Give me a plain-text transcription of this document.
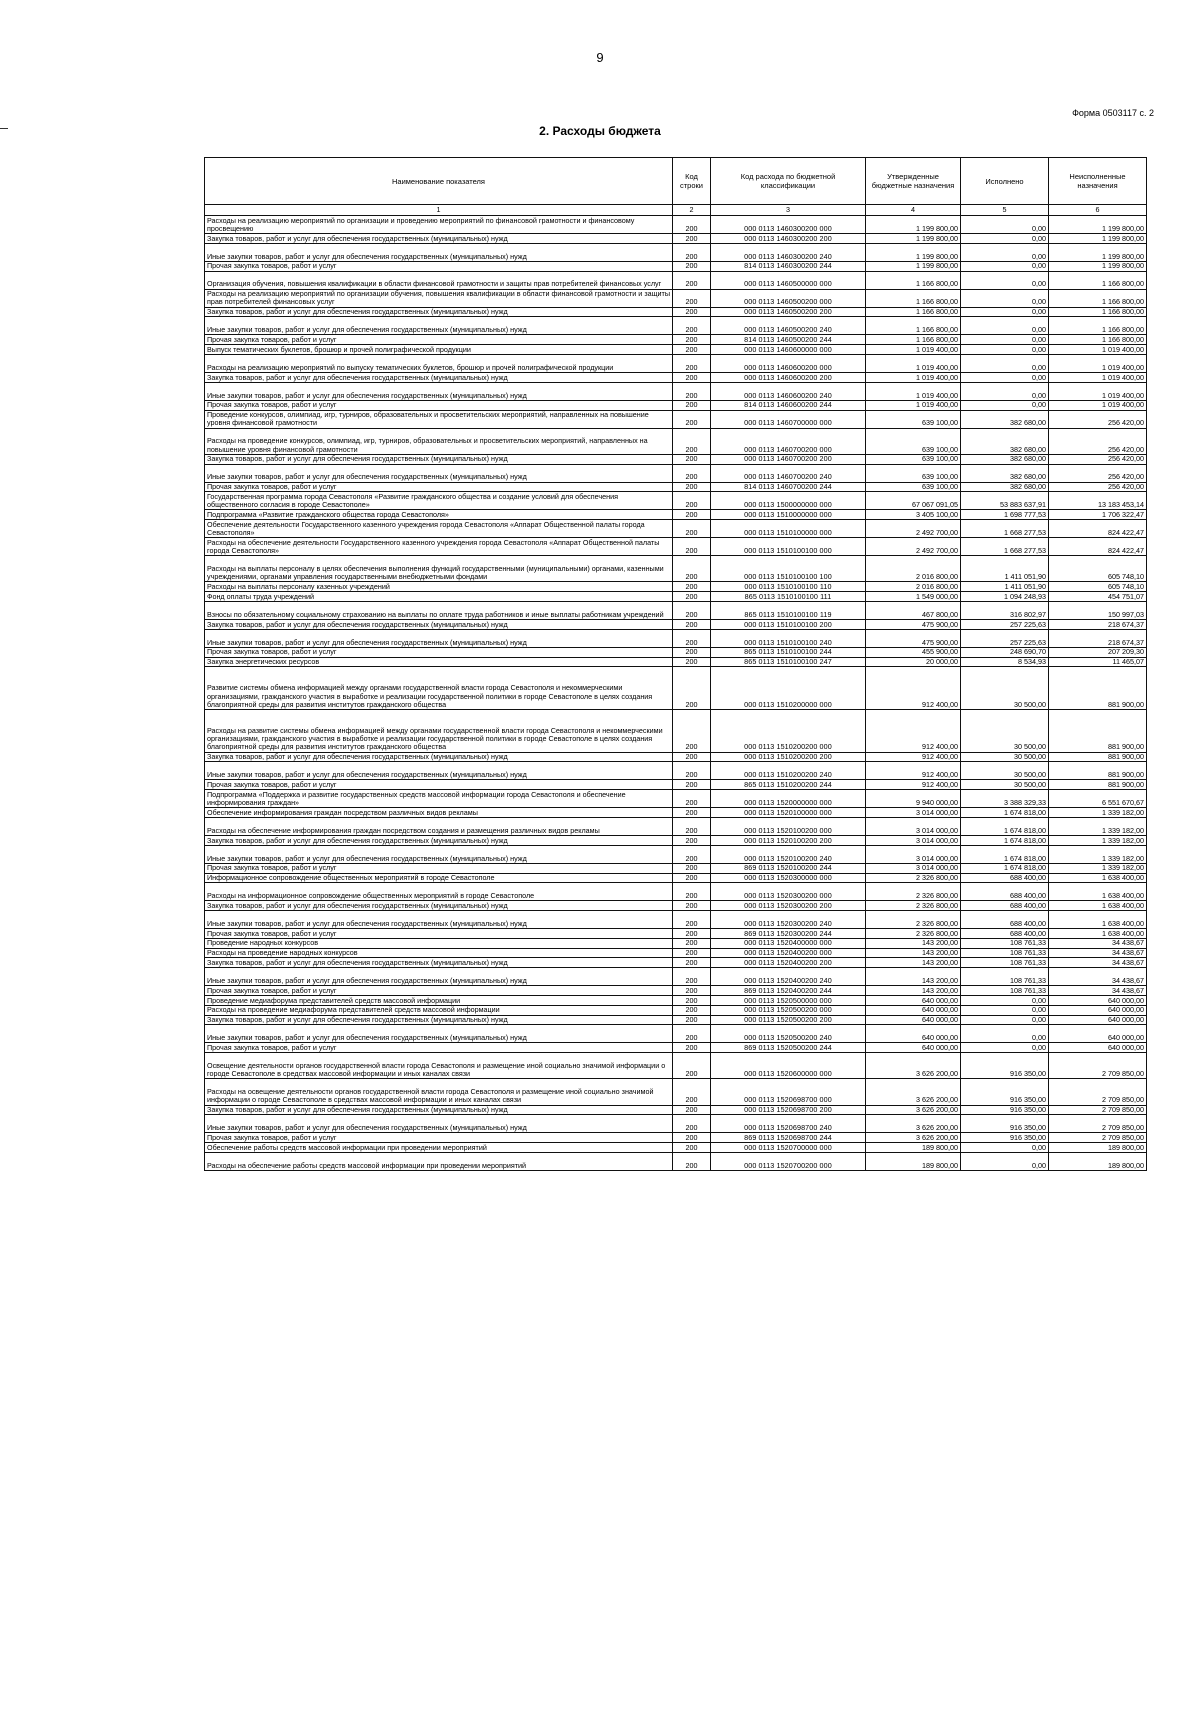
9
Форма 0503117 с. 2
2. Расходы бюджета
Наименование показателя	Код строки	Код расхода по бюджетной классификации	Утвержденные бюджетные назначения	Исполнено	Неисполненные назначения
1	2	3	4	5	6
Расходы на реализацию мероприятий по организации и проведению мероприятий по финансовой грамотности и финансовому просвещению	200	000 0113 1460300200 000	1 199 800,00	0,00	1 199 800,00
Закупка товаров, работ и услуг для обеспечения государственных (муниципальных) нужд	200	000 0113 1460300200 200	1 199 800,00	0,00	1 199 800,00
Иные закупки товаров, работ и услуг для обеспечения государственных (муниципальных) нужд	200	000 0113 1460300200 240	1 199 800,00	0,00	1 199 800,00
Прочая закупка товаров, работ и услуг	200	814 0113 1460300200 244	1 199 800,00	0,00	1 199 800,00
Организация обучения, повышения квалификации в области финансовой грамотности и защиты прав потребителей финансовых услуг	200	000 0113 1460500000 000	1 166 800,00	0,00	1 166 800,00
Расходы на реализацию мероприятий по организации обучения, повышения квалификации в области финансовой грамотности и защиты прав потребителей финансовых услуг	200	000 0113 1460500200 000	1 166 800,00	0,00	1 166 800,00
Закупка товаров, работ и услуг для обеспечения государственных (муниципальных) нужд	200	000 0113 1460500200 200	1 166 800,00	0,00	1 166 800,00
Иные закупки товаров, работ и услуг для обеспечения государственных (муниципальных) нужд	200	000 0113 1460500200 240	1 166 800,00	0,00	1 166 800,00
Прочая закупка товаров, работ и услуг	200	814 0113 1460500200 244	1 166 800,00	0,00	1 166 800,00
Выпуск тематических буклетов, брошюр и прочей полиграфической продукции	200	000 0113 1460600000 000	1 019 400,00	0,00	1 019 400,00
Расходы на реализацию мероприятий по выпуску тематических буклетов, брошюр и прочей полиграфической продукции	200	000 0113 1460600200 000	1 019 400,00	0,00	1 019 400,00
Закупка товаров, работ и услуг для обеспечения государственных (муниципальных) нужд	200	000 0113 1460600200 200	1 019 400,00	0,00	1 019 400,00
Иные закупки товаров, работ и услуг для обеспечения государственных (муниципальных) нужд	200	000 0113 1460600200 240	1 019 400,00	0,00	1 019 400,00
Прочая закупка товаров, работ и услуг	200	814 0113 1460600200 244	1 019 400,00	0,00	1 019 400,00
Проведение конкурсов, олимпиад, игр, турниров, образовательных и просветительских мероприятий, направленных на повышение уровня финансовой грамотности	200	000 0113 1460700000 000	639 100,00	382 680,00	256 420,00
Расходы на проведение конкурсов, олимпиад, игр, турниров, образовательных и просветительских мероприятий, направленных на повышение уровня финансовой грамотности	200	000 0113 1460700200 000	639 100,00	382 680,00	256 420,00
Закупка товаров, работ и услуг для обеспечения государственных (муниципальных) нужд	200	000 0113 1460700200 200	639 100,00	382 680,00	256 420,00
Иные закупки товаров, работ и услуг для обеспечения государственных (муниципальных) нужд	200	000 0113 1460700200 240	639 100,00	382 680,00	256 420,00
Прочая закупка товаров, работ и услуг	200	814 0113 1460700200 244	639 100,00	382 680,00	256 420,00
Государственная программа города Севастополя «Развитие гражданского общества и создание условий для обеспечения общественного согласия в городе Севастополе»	200	000 0113 1500000000 000	67 067 091,05	53 883 637,91	13 183 453,14
Подпрограмма «Развитие гражданского общества города Севастополя»	200	000 0113 1510000000 000	3 405 100,00	1 698 777,53	1 706 322,47
Обеспечение деятельности Государственного казенного учреждения города Севастополя «Аппарат Общественной палаты города Севастополя»	200	000 0113 1510100000 000	2 492 700,00	1 668 277,53	824 422,47
Расходы на обеспечение деятельности Государственного казенного учреждения города Севастополя «Аппарат Общественной палаты города Севастополя»	200	000 0113 1510100100 000	2 492 700,00	1 668 277,53	824 422,47
Расходы на выплаты персоналу в целях обеспечения выполнения функций государственными (муниципальными) органами, казенными учреждениями, органами управления государственными внебюджетными фондами	200	000 0113 1510100100 100	2 016 800,00	1 411 051,90	605 748,10
Расходы на выплаты персоналу казенных учреждений	200	000 0113 1510100100 110	2 016 800,00	1 411 051,90	605 748,10
Фонд оплаты труда учреждений	200	865 0113 1510100100 111	1 549 000,00	1 094 248,93	454 751,07
Взносы по обязательному социальному страхованию на выплаты по оплате труда работников и иные выплаты работникам учреждений	200	865 0113 1510100100 119	467 800,00	316 802,97	150 997,03
Закупка товаров, работ и услуг для обеспечения государственных (муниципальных) нужд	200	000 0113 1510100100 200	475 900,00	257 225,63	218 674,37
Иные закупки товаров, работ и услуг для обеспечения государственных (муниципальных) нужд	200	000 0113 1510100100 240	475 900,00	257 225,63	218 674,37
Прочая закупка товаров, работ и услуг	200	865 0113 1510100100 244	455 900,00	248 690,70	207 209,30
Закупка энергетических ресурсов	200	865 0113 1510100100 247	20 000,00	8 534,93	11 465,07
Развитие системы обмена информацией между органами государственной власти города Севастополя и некоммерческими организациями, гражданского участия в выработке и реализации государственной политики в городе Севастополе в целях создания благоприятной среды для развития институтов гражданского общества	200	000 0113 1510200000 000	912 400,00	30 500,00	881 900,00
Расходы на развитие системы обмена информацией между органами государственной власти города Севастополя и некоммерческими организациями, гражданского участия в выработке и реализации государственной политики в городе Севастополе в целях создания благоприятной среды для развития институтов гражданского общества	200	000 0113 1510200200 000	912 400,00	30 500,00	881 900,00
Закупка товаров, работ и услуг для обеспечения государственных (муниципальных) нужд	200	000 0113 1510200200 200	912 400,00	30 500,00	881 900,00
Иные закупки товаров, работ и услуг для обеспечения государственных (муниципальных) нужд	200	000 0113 1510200200 240	912 400,00	30 500,00	881 900,00
Прочая закупка товаров, работ и услуг	200	865 0113 1510200200 244	912 400,00	30 500,00	881 900,00
Подпрограмма «Поддержка и развитие государственных средств массовой информации города Севастополя и обеспечение информирования граждан»	200	000 0113 1520000000 000	9 940 000,00	3 388 329,33	6 551 670,67
Обеспечение информирования граждан посредством различных видов рекламы	200	000 0113 1520100000 000	3 014 000,00	1 674 818,00	1 339 182,00
Расходы на обеспечение информирования граждан посредством создания и размещения различных видов рекламы	200	000 0113 1520100200 000	3 014 000,00	1 674 818,00	1 339 182,00
Закупка товаров, работ и услуг для обеспечения государственных (муниципальных) нужд	200	000 0113 1520100200 200	3 014 000,00	1 674 818,00	1 339 182,00
Иные закупки товаров, работ и услуг для обеспечения государственных (муниципальных) нужд	200	000 0113 1520100200 240	3 014 000,00	1 674 818,00	1 339 182,00
Прочая закупка товаров, работ и услуг	200	869 0113 1520100200 244	3 014 000,00	1 674 818,00	1 339 182,00
Информационное сопровождение общественных мероприятий в городе Севастополе	200	000 0113 1520300000 000	2 326 800,00	688 400,00	1 638 400,00
Расходы на информационное сопровождение общественных мероприятий в городе Севастополе	200	000 0113 1520300200 000	2 326 800,00	688 400,00	1 638 400,00
Закупка товаров, работ и услуг для обеспечения государственных (муниципальных) нужд	200	000 0113 1520300200 200	2 326 800,00	688 400,00	1 638 400,00
Иные закупки товаров, работ и услуг для обеспечения государственных (муниципальных) нужд	200	000 0113 1520300200 240	2 326 800,00	688 400,00	1 638 400,00
Прочая закупка товаров, работ и услуг	200	869 0113 1520300200 244	2 326 800,00	688 400,00	1 638 400,00
Проведение народных конкурсов	200	000 0113 1520400000 000	143 200,00	108 761,33	34 438,67
Расходы на проведение народных конкурсов	200	000 0113 1520400200 000	143 200,00	108 761,33	34 438,67
Закупка товаров, работ и услуг для обеспечения государственных (муниципальных) нужд	200	000 0113 1520400200 200	143 200,00	108 761,33	34 438,67
Иные закупки товаров, работ и услуг для обеспечения государственных (муниципальных) нужд	200	000 0113 1520400200 240	143 200,00	108 761,33	34 438,67
Прочая закупка товаров, работ и услуг	200	869 0113 1520400200 244	143 200,00	108 761,33	34 438,67
Проведение медиафорума представителей средств массовой информации	200	000 0113 1520500000 000	640 000,00	0,00	640 000,00
Расходы на проведение медиафорума представителей средств массовой информации	200	000 0113 1520500200 000	640 000,00	0,00	640 000,00
Закупка товаров, работ и услуг для обеспечения государственных (муниципальных) нужд	200	000 0113 1520500200 200	640 000,00	0,00	640 000,00
Иные закупки товаров, работ и услуг для обеспечения государственных (муниципальных) нужд	200	000 0113 1520500200 240	640 000,00	0,00	640 000,00
Прочая закупка товаров, работ и услуг	200	869 0113 1520500200 244	640 000,00	0,00	640 000,00
Освещение деятельности органов государственной власти города Севастополя и размещение иной социально значимой информации о городе Севастополе в средствах массовой информации и иных каналах связи	200	000 0113 1520600000 000	3 626 200,00	916 350,00	2 709 850,00
Расходы на освещение деятельности органов государственной власти города Севастополя и размещение иной социально значимой информации о городе Севастополе в средствах массовой информации и иных каналах связи	200	000 0113 1520698700 000	3 626 200,00	916 350,00	2 709 850,00
Закупка товаров, работ и услуг для обеспечения государственных (муниципальных) нужд	200	000 0113 1520698700 200	3 626 200,00	916 350,00	2 709 850,00
Иные закупки товаров, работ и услуг для обеспечения государственных (муниципальных) нужд	200	000 0113 1520698700 240	3 626 200,00	916 350,00	2 709 850,00
Прочая закупка товаров, работ и услуг	200	869 0113 1520698700 244	3 626 200,00	916 350,00	2 709 850,00
Обеспечение работы средств массовой информации при проведении мероприятий	200	000 0113 1520700000 000	189 800,00	0,00	189 800,00
Расходы на обеспечение работы средств массовой информации при проведении мероприятий	200	000 0113 1520700200 000	189 800,00	0,00	189 800,00
